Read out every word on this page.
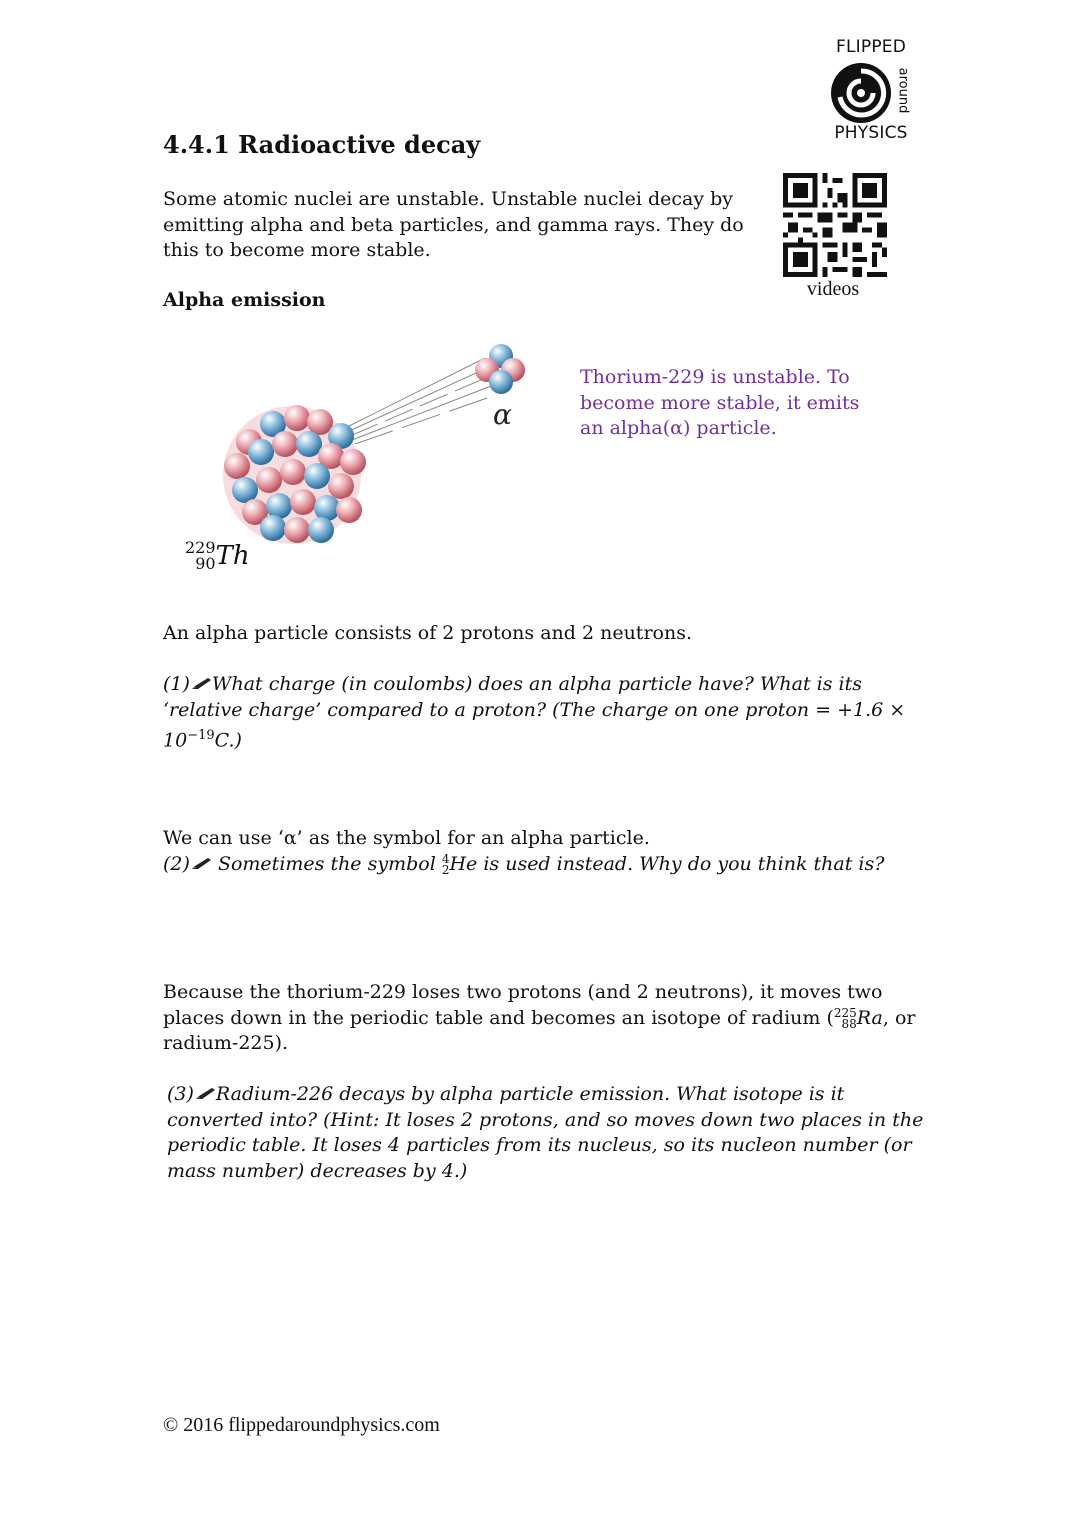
FLIPPED
around
PHYSICS
4.4.1 Radioactive decay
Some atomic nuclei are unstable. Unstable nuclei decay by emitting alpha and beta particles, and gamma rays. They do this to become more stable.
videos
Alpha emission
α
229
90 Th
Thorium-229 is unstable. To become more stable, it emits an alpha(α) particle.
An alpha particle consists of 2 protons and 2 neutrons.
(1) What charge (in coulombs) does an alpha particle have? What is its ‘relative charge’ compared to a proton? (The charge on one proton = $+1.6 \times 10^{-19}C$.)
We can use ‘α’ as the symbol for an alpha particle.
(2) Sometimes the symbol 4
2 He is used instead. Why do you think that is?
Because the thorium-229 loses two protons (and 2 neutrons), it moves two places down in the periodic table and becomes an isotope of radium ( 225
88 Ra, or radium-225).
(3) Radium-226 decays by alpha particle emission. What isotope is it converted into? (Hint: It loses 2 protons, and so moves down two places in the periodic table. It loses 4 particles from its nucleus, so its nucleon number (or mass number) decreases by 4.)
© 2016 flippedaroundphysics.com
